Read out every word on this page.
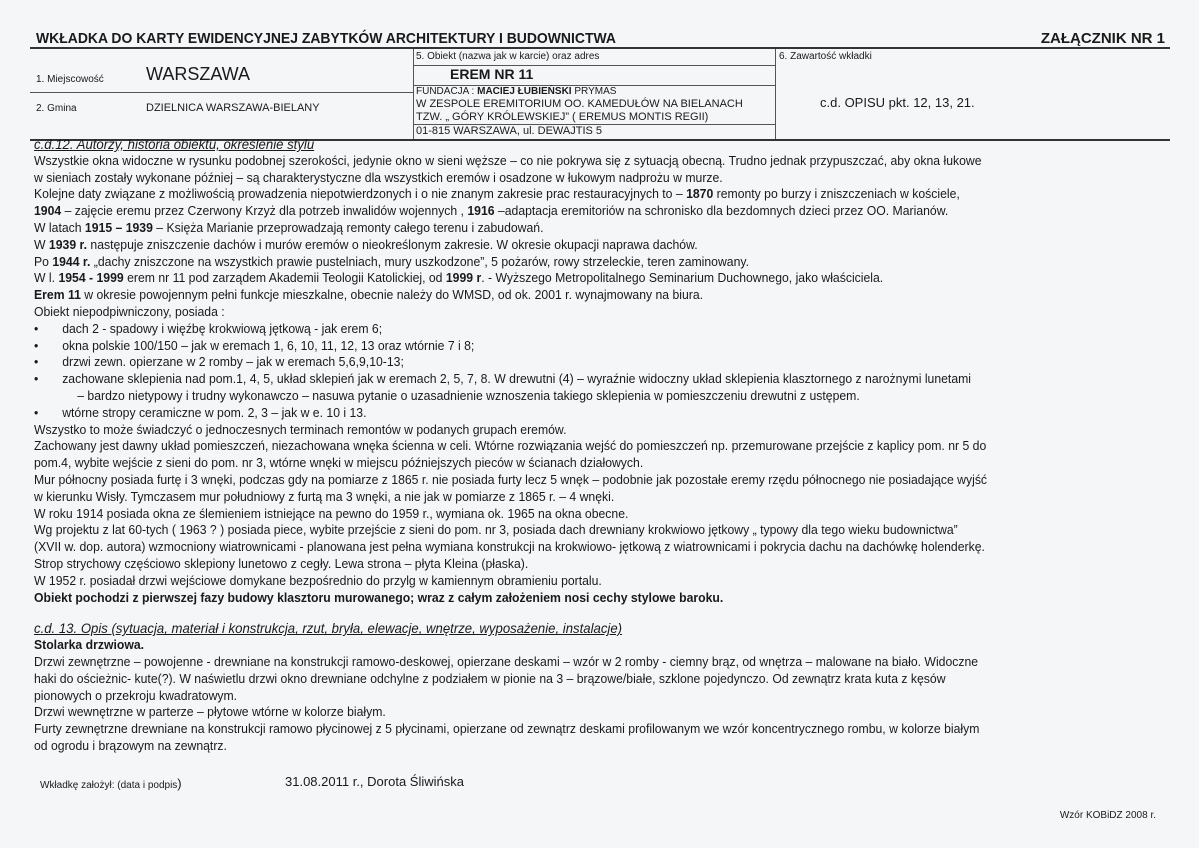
WKŁADKA DO KARTY EWIDENCYJNEJ ZABYTKÓW ARCHITEKTURY I BUDOWNICTWA	ZAŁĄCZNIK NR 1
1. Miejscowość WARSZAWA
2. Gmina	DZIELNICA WARSZAWA-BIELANY
5. Obiekt (nazwa jak w karcie) oraz adres
EREM NR 11
FUNDACJA : MACIEJ ŁUBIEŃSKI PRYMAS
W ZESPOLE EREMITORIUM OO. KAMEDUŁÓW NA BIELANACH
TZW. „ GÓRY KRÓLEWSKIEJ” ( EREMUS MONTIS REGII)
01-815 WARSZAWA, ul. DEWAJTIS 5
6. Zawartość wkładki
c.d. OPISU pkt. 12, 13, 21.
c.d.12. Autorzy, historia obiektu, określenie stylu
Wszystkie okna widoczne w rysunku podobnej szerokości, jedynie okno w sieni węższe – co nie pokrywa się z sytuacją obecną. Trudno jednak przypuszczać, aby okna łukowe
w sieniach zostały wykonane później – są charakterystyczne dla wszystkich eremów i osadzone w łukowym nadprożu w murze.
Kolejne daty związane z możliwością prowadzenia niepotwierdzonych i o nie znanym zakresie prac restauracyjnych to – 1870 remonty po burzy i zniszczeniach w kościele,
1904 – zajęcie eremu przez Czerwony Krzyż dla potrzeb inwalidów wojennych , 1916 –adaptacja eremitoriów na schronisko dla bezdomnych dzieci przez OO. Marianów.
W latach 1915 – 1939 – Księża Marianie przeprowadzają remonty całego terenu i zabudowań.
W 1939 r. następuje zniszczenie dachów i murów eremów o nieokreślonym zakresie. W okresie okupacji naprawa dachów.
Po 1944 r. „dachy zniszczone na wszystkich prawie pustelniach, mury uszkodzone”, 5 pożarów, rowy strzeleckie, teren zaminowany.
W l. 1954 - 1999 erem nr 11 pod zarządem Akademii Teologii Katolickiej, od 1999 r. - Wyższego Metropolitalnego Seminarium Duchownego, jako właściciela.
Erem 11 w okresie powojennym pełni funkcje mieszkalne, obecnie należy do WMSD, od ok. 2001 r. wynajmowany na biura.
Obiekt niepodpiwniczony, posiada :
• dach 2 - spadowy i więźbę krokwiową jętkową - jak erem 6;
• okna polskie 100/150 – jak w eremach 1, 6, 10, 11, 12, 13 oraz wtórnie 7 i 8;
• drzwi zewn. opierzane w 2 romby – jak w eremach 5,6,9,10-13;
• zachowane sklepienia nad pom.1, 4, 5, układ sklepień jak w eremach 2, 5, 7, 8. W drewutni (4) – wyraźnie widoczny układ sklepienia klasztornego z narożnymi lunetami
– bardzo nietypowy i trudny wykonawczo – nasuwa pytanie o uzasadnienie wznoszenia takiego sklepienia w pomieszczeniu drewutni z ustępem.
• wtórne stropy ceramiczne w pom. 2, 3 – jak w e. 10 i 13.
Wszystko to może świadczyć o jednoczesnych terminach remontów w podanych grupach eremów.
Zachowany jest dawny układ pomieszczeń, niezachowana wnęka ścienna w celi. Wtórne rozwiązania wejść do pomieszczeń np. przemurowane przejście z kaplicy pom. nr 5 do
pom.4, wybite wejście z sieni do pom. nr 3, wtórne wnęki w miejscu późniejszych pieców w ścianach działowych.
Mur północny posiada furtę i 3 wnęki, podczas gdy na pomiarze z 1865 r. nie posiada furty lecz 5 wnęk – podobnie jak pozostałe eremy rzędu północnego nie posiadające wyjść
w kierunku Wisły. Tymczasem mur południowy z furtą ma 3 wnęki, a nie jak w pomiarze z 1865 r. – 4 wnęki.
W roku 1914 posiada okna ze ślemieniem istniejące na pewno do 1959 r., wymiana ok. 1965 na okna obecne.
Wg projektu z lat 60-tych ( 1963 ? ) posiada piece, wybite przejście z sieni do pom. nr 3, posiada dach drewniany krokwiowo jętkowy „ typowy dla tego wieku budownictwa”
(XVII w. dop. autora) wzmocniony wiatrownicami - planowana jest pełna wymiana konstrukcji na krokwiowo- jętkową z wiatrownicami i pokrycia dachu na dachówkę holenderkę.
Strop strychowy częściowo sklepiony lunetowo z cegły. Lewa strona – płyta Kleina (płaska).
W 1952 r. posiadał drzwi wejściowe domykane bezpośrednio do przylg w kamiennym obramieniu portalu.
Obiekt pochodzi z pierwszej fazy budowy klasztoru murowanego; wraz z całym założeniem nosi cechy stylowe baroku.
c.d. 13. Opis (sytuacja, materiał i konstrukcja, rzut, bryła, elewacje, wnętrze, wyposażenie, instalacje)
Stolarka drzwiowa.
Drzwi zewnętrzne – powojenne - drewniane na konstrukcji ramowo-deskowej, opierzane deskami – wzór w 2 romby - ciemny brąz, od wnętrza – malowane na biało. Widoczne
haki do ościeżnic- kute(?). W naświetlu drzwi okno drewniane odchylne z podziałem w pionie na 3 – brązowe/białe, szklone pojedynczo. Od zewnątrz krata kuta z kęsów
pionowych o przekroju kwadratowym.
Drzwi wewnętrzne w parterze – płytowe wtórne w kolorze białym.
Furty zewnętrzne drewniane na konstrukcji ramowo płycinowej z 5 płycinami, opierzane od zewnątrz deskami profilowanym we wzór koncentrycznego rombu, w kolorze białym
od ogrodu i brązowym na zewnątrz.
Wkładkę założył: (data i podpis)	31.08.2011 r., Dorota Śliwińska
Wzór KOBiDZ 2008 r.
